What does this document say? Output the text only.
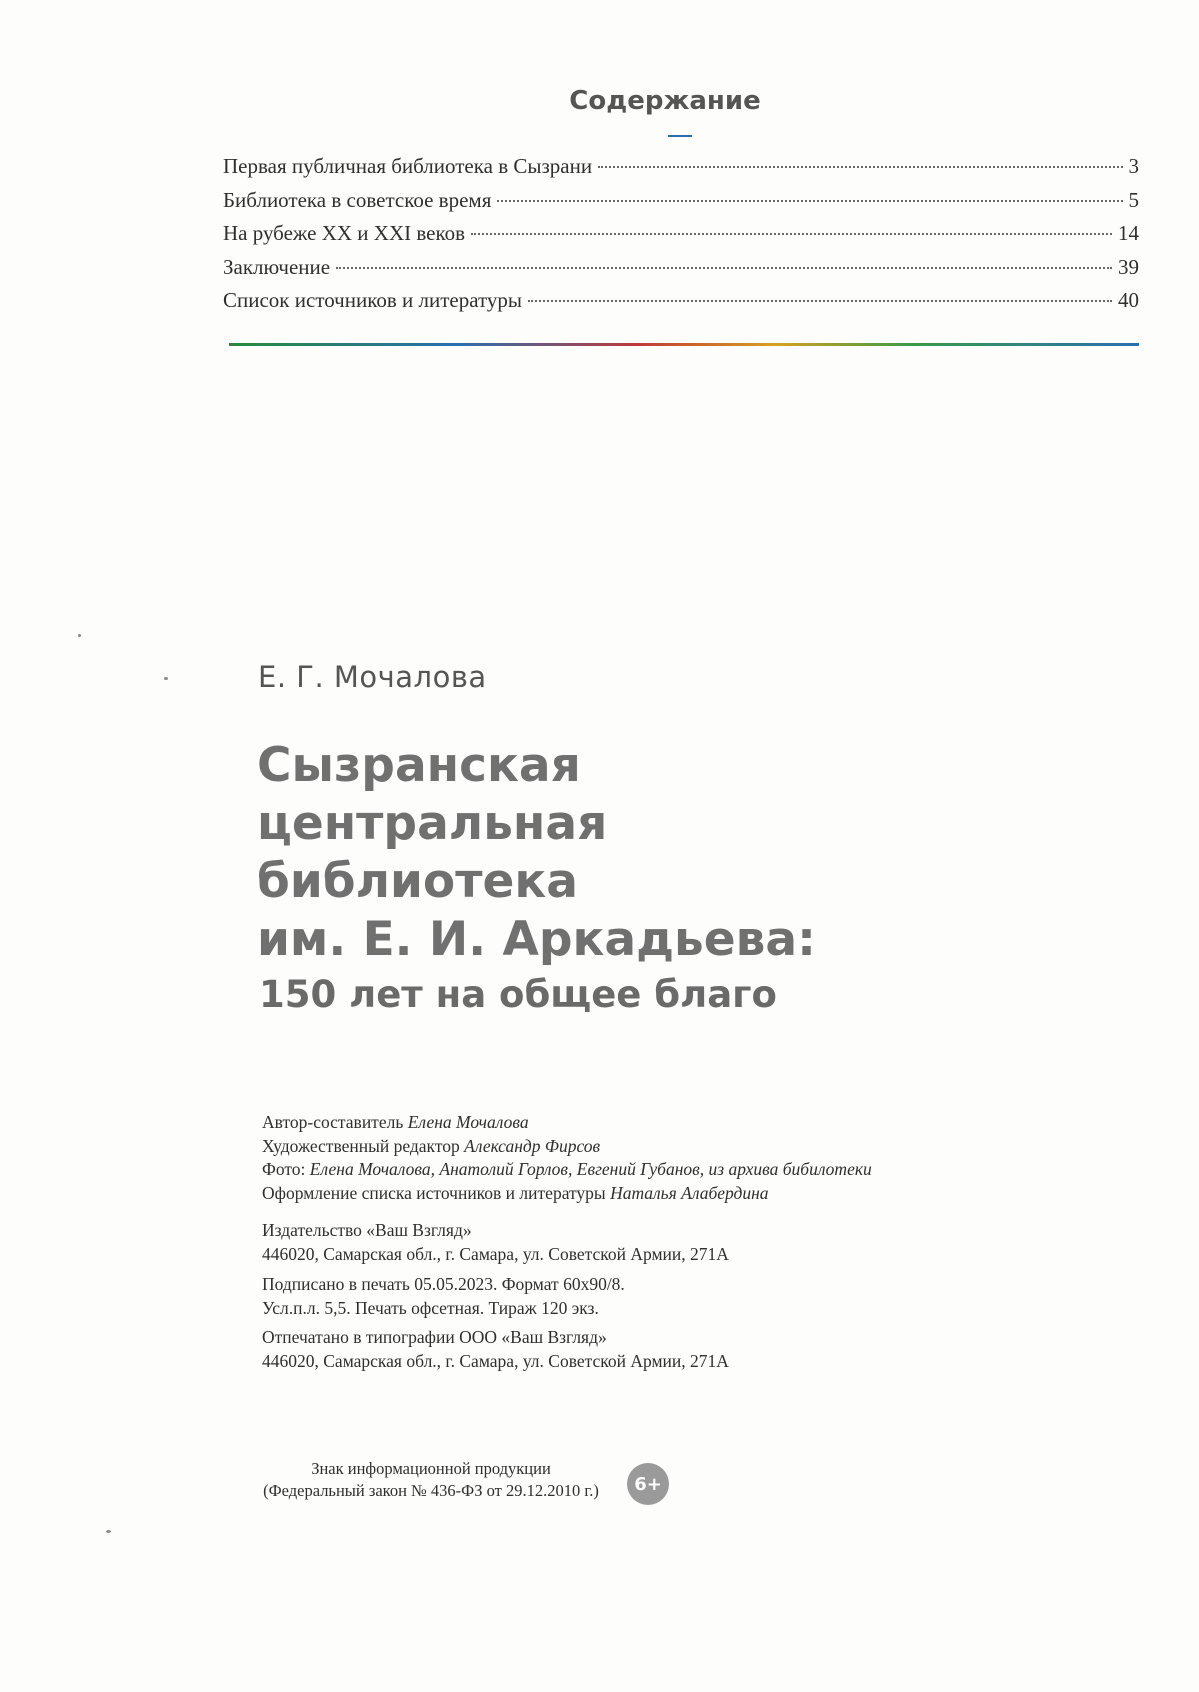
Содержание
Первая публичная библиотека в Сызрани	3
Библиотека в советское время	5
На рубеже XX и XXI веков	14
Заключение	39
Список источников и литературы	40

Е. Г. Мочалова

Сызранская
центральная
библиотека
им. Е. И. Аркадьева:

150 лет на общее благо

Автор-составитель Елена Мочалова
Художественный редактор Александр Фирсов
Фото: Елена Мочалова, Анатолий Горлов, Евгений Губанов, из архива бибилотеки
Оформление списка источников и литературы Наталья Алабердина
Издательство «Ваш Взгляд»
446020, Самарская обл., г. Самара, ул. Советской Армии, 271А
Подписано в печать 05.05.2023. Формат 60х90/8.
Усл.п.л. 5,5. Печать офсетная. Тираж 120 экз.
Отпечатано в типографии ООО «Ваш Взгляд»
446020, Самарская обл., г. Самара, ул. Советской Армии, 271А
Знак информационной продукции
(Федеральный закон № 436-ФЗ от 29.12.2010 г.)	6+
